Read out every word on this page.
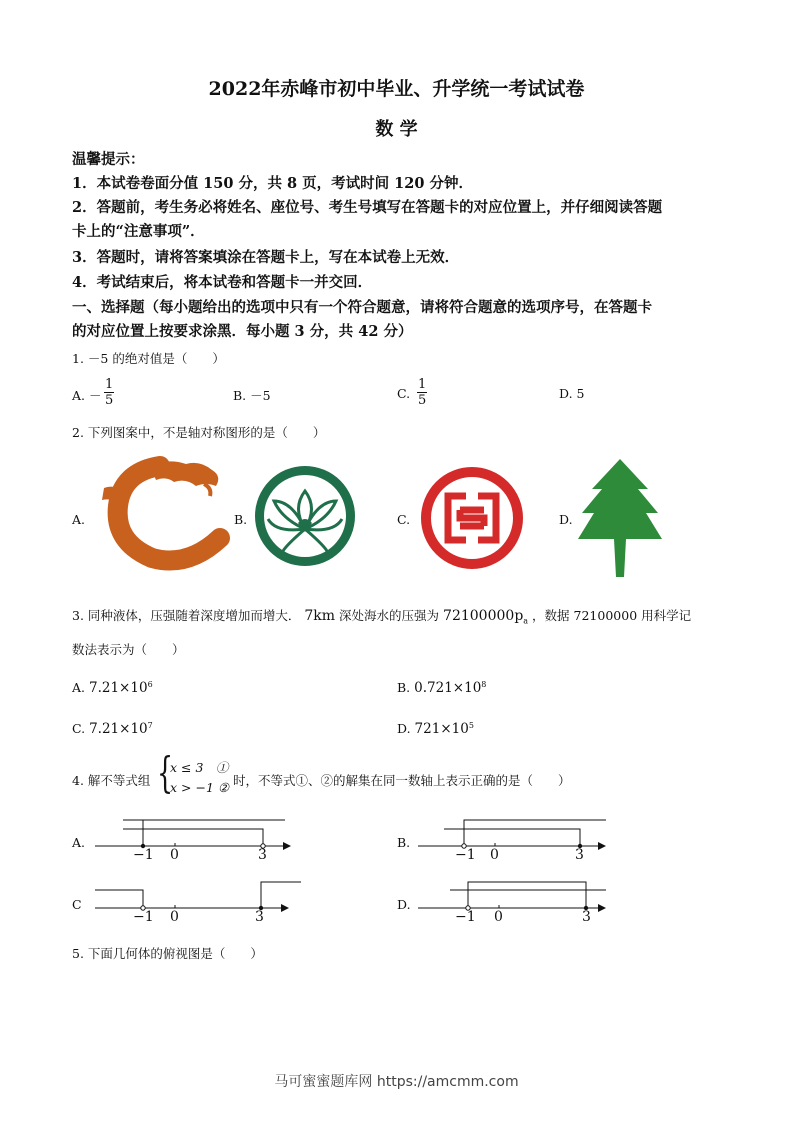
2022年赤峰市初中毕业、升学统一考试试卷
数 学
温馨提示：
1．本试卷卷面分值 150 分，共 8 页，考试时间 120 分钟．
2．答题前，考生务必将姓名、座位号、考生号填写在答题卡的对应位置上，并仔细阅读答题
卡上的“注意事项”．
3．答题时，请将答案填涂在答题卡上，写在本试卷上无效．
4．考试结束后，将本试卷和答题卡一并交回．
一、选择题（每小题给出的选项中只有一个符合题意，请将符合题意的选项序号，在答题卡
的对应位置上按要求涂黑．每小题 3 分，共 42 分）
1. －5 的绝对值是（　　）
A. － $\frac{1}{5}$	B. －5	C. $\frac{1}{5}$	D. 5
2. 下列图案中，不是轴对称图形的是（　　）
A.	B.	C.	D.
3. 同种液体，压强随着深度增加而增大． 7km 深处海水的压强为 $72100000p_a$ ，数据 72100000 用科学记
数法表示为（　　）
A. $7.21\times 10^6$	B. $0.721\times 10^8$
C. $7.21\times 10^7$	D. $721\times 10^5$
4. 解不等式组 {
x ≤ 3　①
x > −1 ② 时，不等式①、②的解集在同一数轴上表示正确的是（　　）
A.	B.
C	D.
−1 0	3	−1 0	3
−1 0	3	−1 0	3
5. 下面几何体的俯视图是（　　）
马可蜜蜜题库网 https://amcmm.com
